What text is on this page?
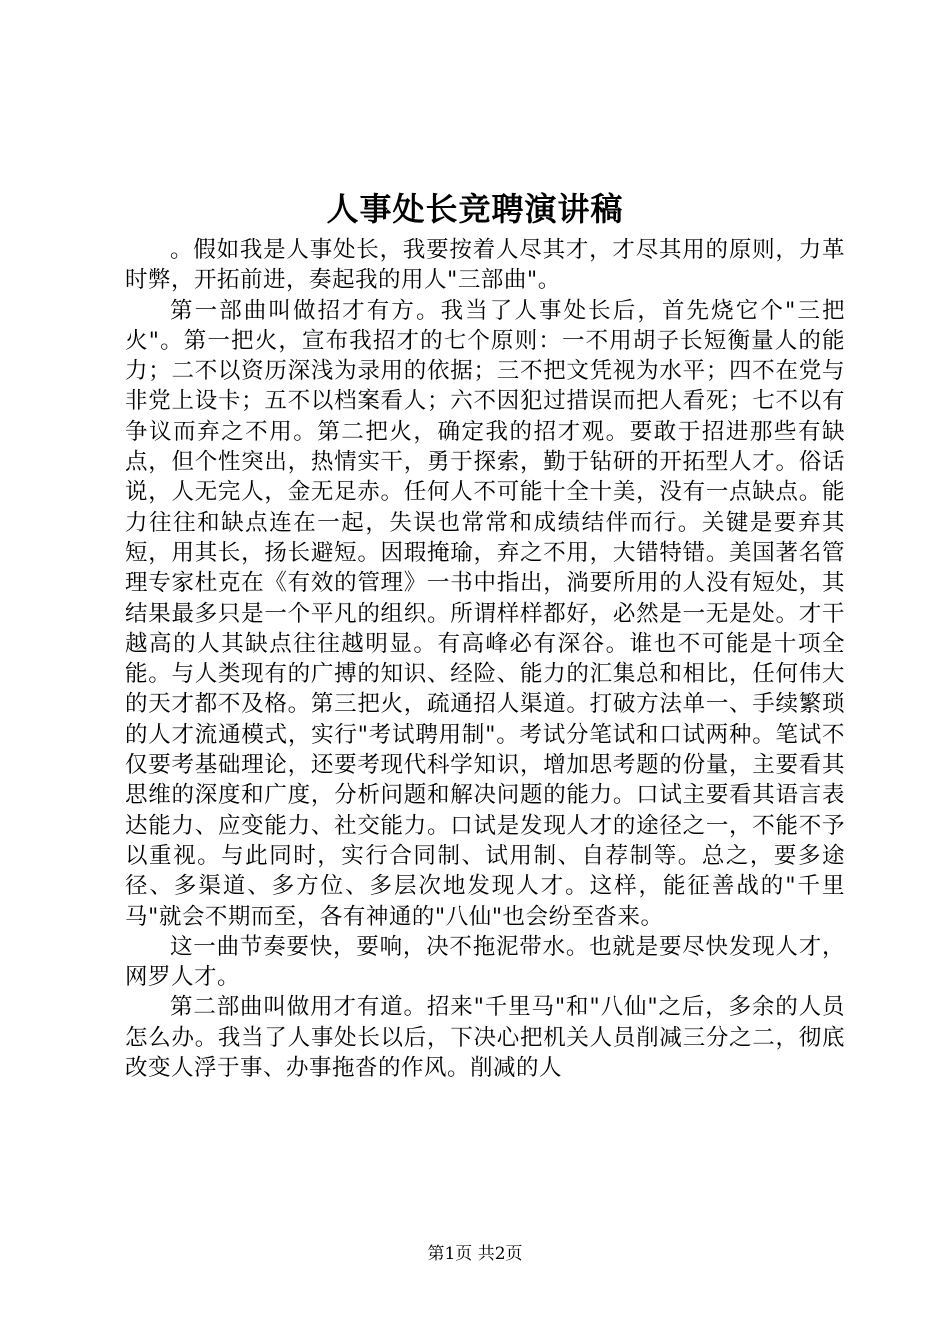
人事处长竞聘演讲稿

。假如我是人事处长，我要按着人尽其才，才尽其用的原则，力革时弊，开拓前进，奏起我的用人"三部曲"。

第一部曲叫做招才有方。我当了人事处长后，首先烧它个"三把火"。第一把火，宣布我招才的七个原则：一不用胡子长短衡量人的能力；二不以资历深浅为录用的依据；三不把文凭视为水平；四不在党与非党上设卡；五不以档案看人；六不因犯过措误而把人看死；七不以有争议而弃之不用。第二把火，确定我的招才观。要敢于招进那些有缺点，但个性突出，热情实干，勇于探索，勤于钻研的开拓型人才。俗话说，人无完人，金无足赤。任何人不可能十全十美，没有一点缺点。能力往往和缺点连在一起，失误也常常和成绩结伴而行。关键是要弃其短，用其长，扬长避短。因瑕掩瑜，弃之不用，大错特错。美国著名管理专家杜克在《有效的管理》一书中指出，淌要所用的人没有短处，其结果最多只是一个平凡的组织。所谓样样都好，必然是一无是处。才干越高的人其缺点往往越明显。有高峰必有深谷。谁也不可能是十项全能。与人类现有的广搏的知识、经险、能力的汇集总和相比，任何伟大的天才都不及格。第三把火，疏通招人渠道。打破方法单一、手续繁琐的人才流通模式，实行"考试聘用制"。考试分笔试和口试两种。笔试不仅要考基础理论，还要考现代科学知识，增加思考题的份量，主要看其思维的深度和广度，分析问题和解决问题的能力。口试主要看其语言表达能力、应变能力、社交能力。口试是发现人才的途径之一，不能不予以重视。与此同时，实行合同制、试用制、自荐制等。总之，要多途径、多渠道、多方位、多层次地发现人才。这样，能征善战的"千里马"就会不期而至，各有神通的"八仙"也会纷至沓来。

这一曲节奏要快，要响，决不拖泥带水。也就是要尽快发现人才，网罗人才。

第二部曲叫做用才有道。招来"千里马"和"八仙"之后，多余的人员怎么办。我当了人事处长以后，下决心把机关人员削减三分之二，彻底改变人浮于事、办事拖沓的作风。削减的人

第1页 共2页
